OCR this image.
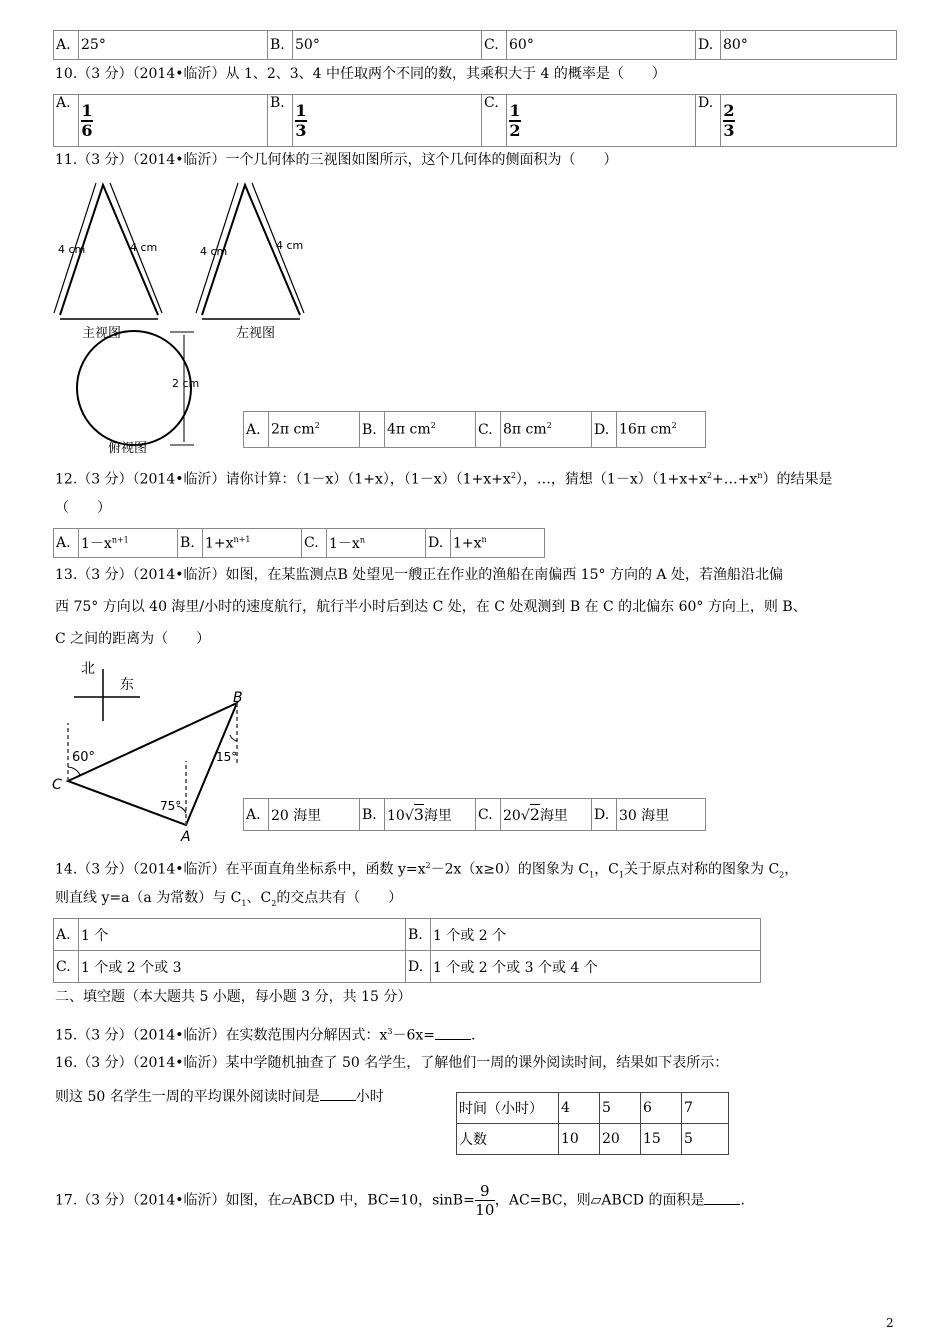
A.	25°	B.	50°	C.	60°	D.	80°
10.（3 分）（2014•临沂）从 1、2、3、4 中任取两个不同的数，其乘积大于 4 的概率是（　　）
A.	$\frac{1}{6}$	B.	$\frac{1}{3}$	C.	$\frac{1}{2}$	D.	$\frac{2}{3}$
11.（3 分）（2014•临沂）一个几何体的三视图如图所示，这个几何体的侧面积为（　　）
4 cm	4 cm
主视图
4 cm	4 cm
左视图
2 cm
俯视图
A.	2π $cm^2$	B.	4π $cm^2$	C.	8π $cm^2$	D.	16π $cm^2$
12.（3 分）（2014•临沂）请你计算：（1－x）（1+x），$(1-x)(1+x+x^2)$，…，猜想$(1-x)(1+x+x^2+\dots+x^n)$的结果是
（　　）
A.	$1-x^{n+1}$	B.	$1+x^{n+1}$	C.	$1-x^n$	D.	$1+x^n$
13.（3 分）（2014•临沂）如图，在某监测点B 处望见一艘正在作业的渔船在南偏西 15° 方向的 A 处，若渔船沿北偏
西 75° 方向以 40 海里/小时的速度航行，航行半小时后到达 C 处，在 C 处观测到 B 在 C 的北偏东 60° 方向上，则 B、
C 之间的距离为（　　）
北
东
B
C
A
60°	15°
75°
A.	20 海里	B.	10√3海里	C.	20√2海里	D.	30 海里
14.（3 分）（2014•临沂）在平面直角坐标系中，函数 $y=x^2-2x(x\ge 0)$的图象为 $C_1$，$C_1$关于原点对称的图象为 $C_2$，
则直线 y=a（a 为常数）与 $C_1$、$C_2$的交点共有（　　）
A.	1 个	B.	1 个或 2 个
C.	1 个或 2 个或 3	D.	1 个或 2 个或 3 个或 4 个
二、填空题（本大题共 5 小题，每小题 3 分，共 15 分）
15.（3 分）（2014•临沂）在实数范围内分解因式：$x^3-6x=$	.
16.（3 分）（2014•临沂）某中学随机抽查了 50 名学生，了解他们一周的课外阅读时间，结果如下表所示：
则这 50 名学生一周的平均课外阅读时间是	小时
时间（小时）	4	5	6	7
人数	10	20	15	5
17.（3 分）（2014•临沂）如图，在▱ABCD 中，BC=10，$\sin B= \frac{9}{10}$ ，AC=BC，则▱ABCD 的面积是	.
2
